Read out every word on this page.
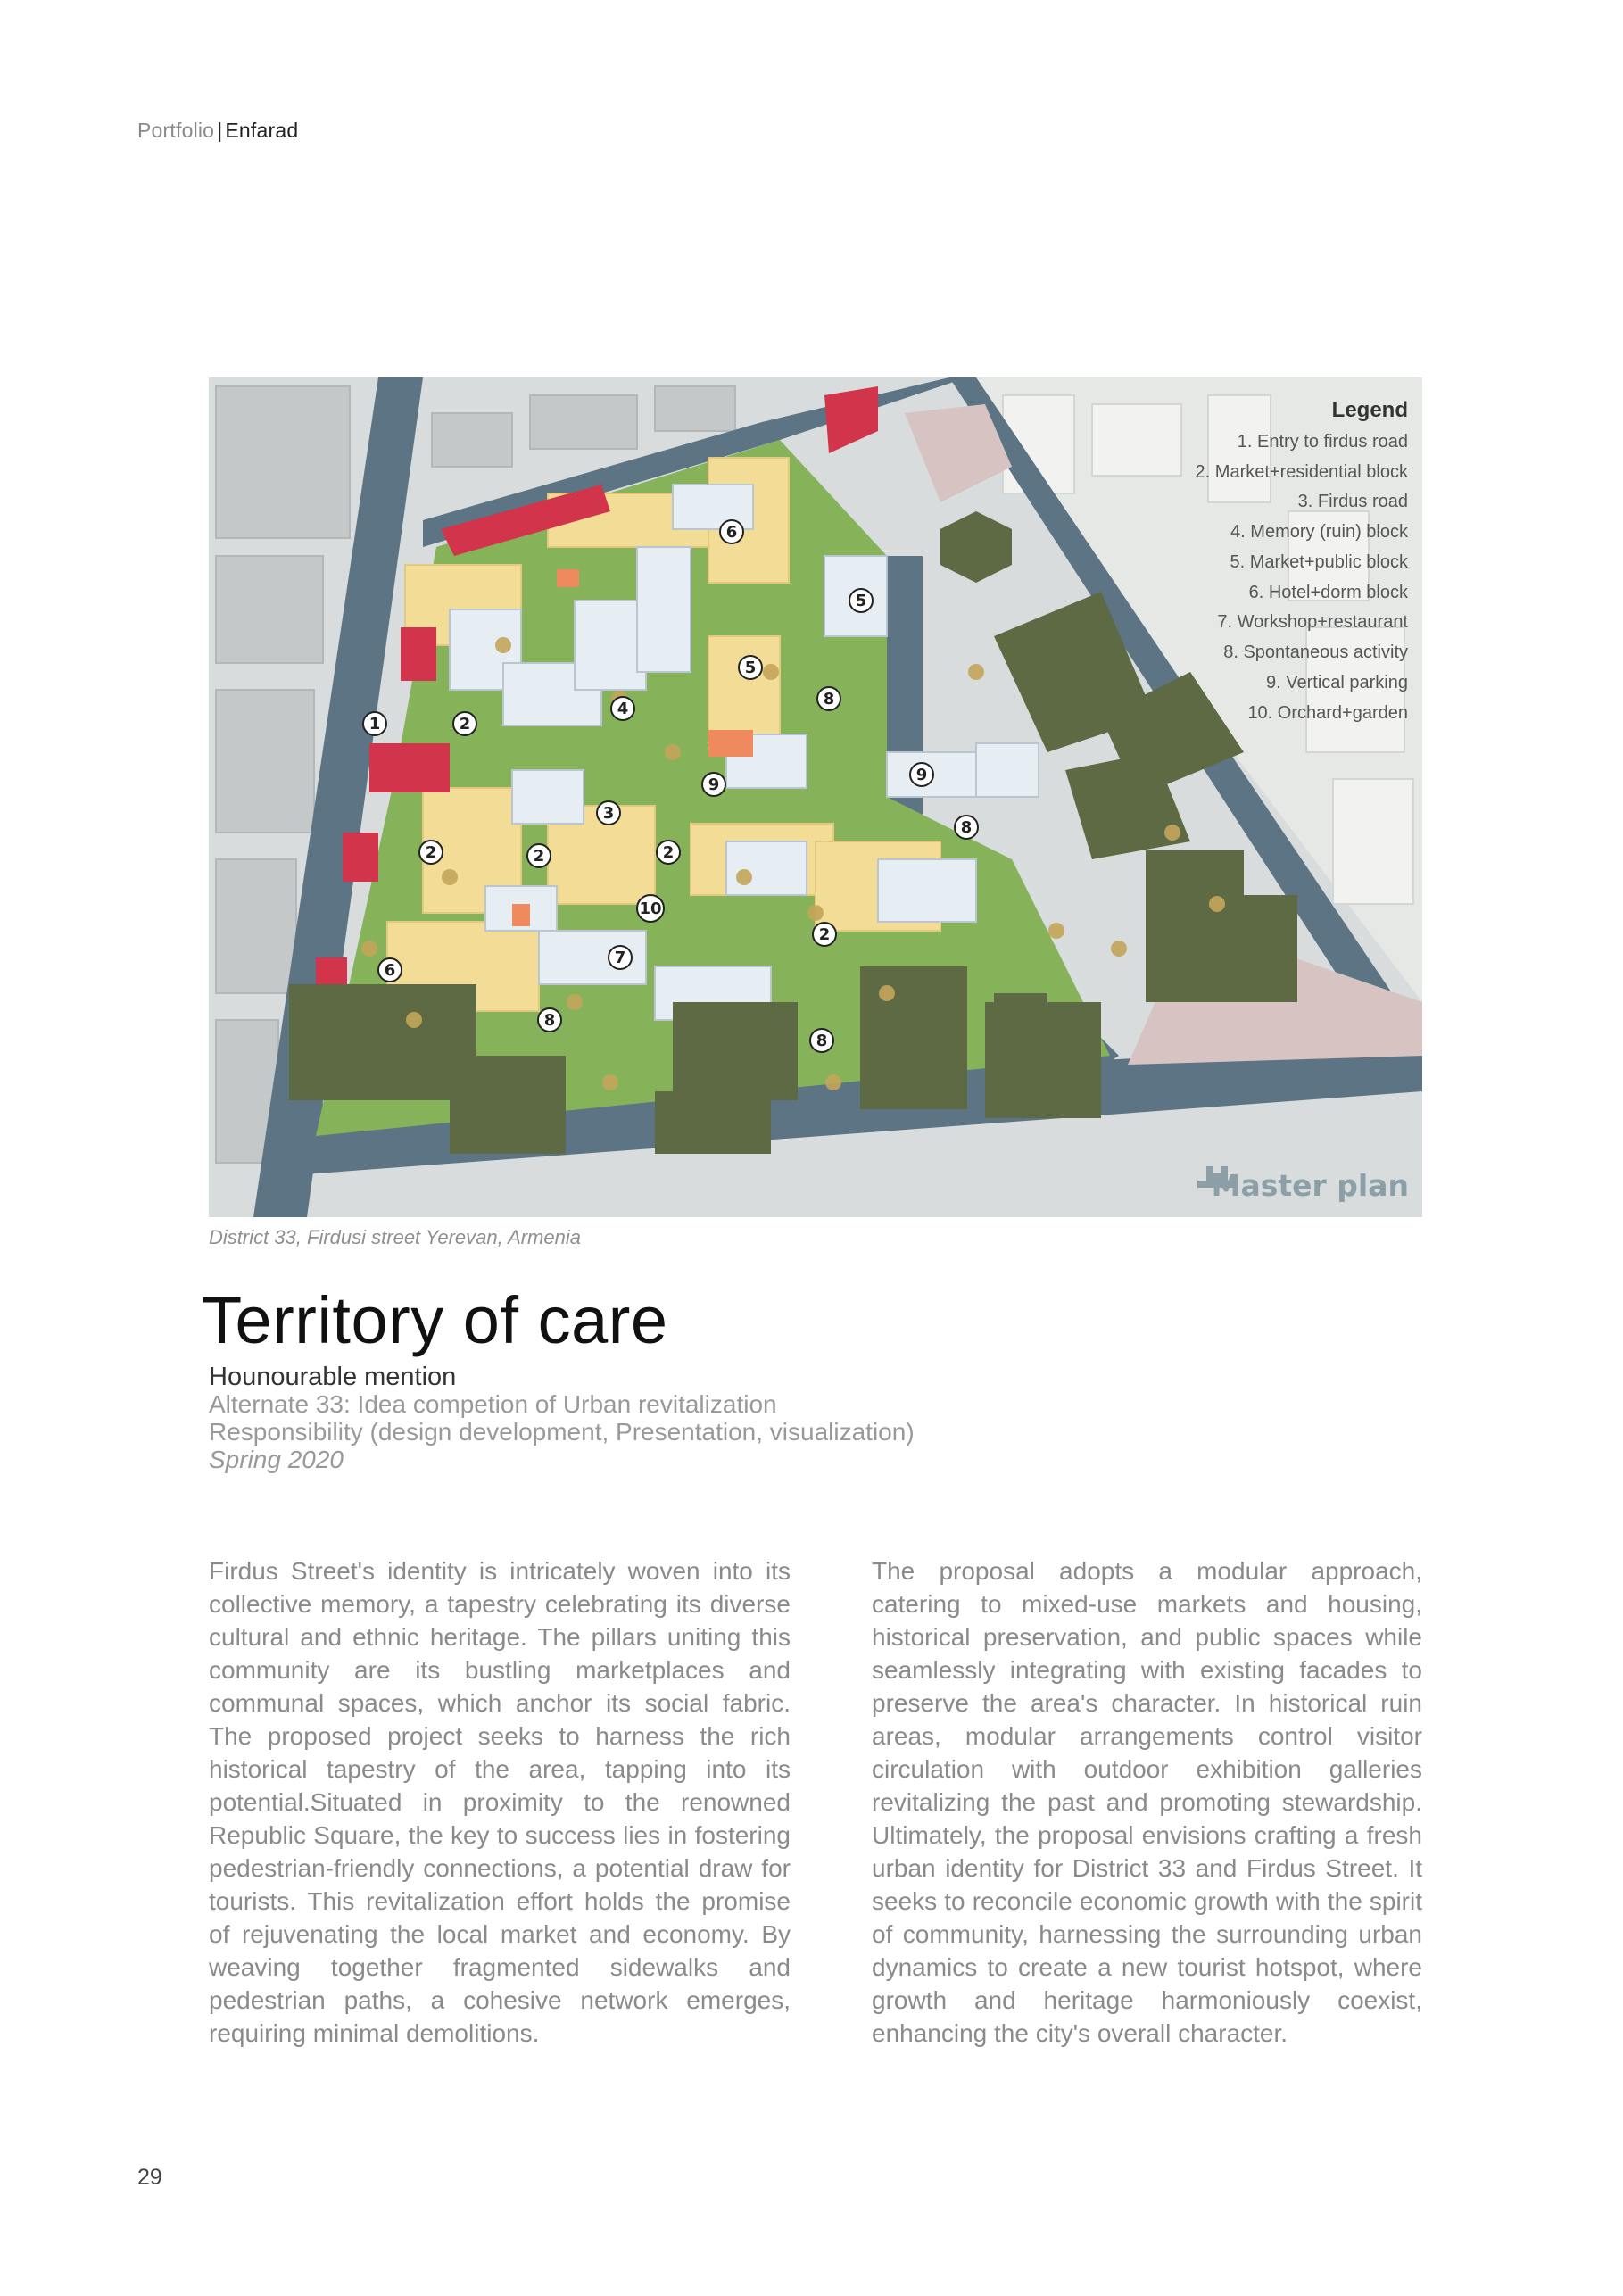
Portfolio | Enfarad
1	2
2	2	2
2
3
4
5
5
6
6
7
8
8
8
8
9
9
10
Legend
1. Entry to firdus road
2. Market+residential block
3. Firdus road
4. Memory (ruin) block
5. Market+public block
6. Hotel+dorm block
7. Workshop+restaurant
8. Spontaneous activity
9. Vertical parking
10. Orchard+garden
Master plan
District 33, Firdusi street Yerevan, Armenia
Territory of care
Hounourable mention
Alternate 33: Idea competion of Urban revitalization
Responsibility (design development, Presentation, visualization)
Spring 2020
Firdus Street's identity is intricately woven into its collective memory, a tapestry celebrating its diverse cultural and ethnic heritage. The pillars uniting this community are its bustling marketplaces and communal spaces, which anchor its social fabric. The proposed project seeks to harness the rich historical tapestry of the area, tapping into its potential.Situated in proximity to the renowned Republic Square, the key to success lies in fostering pedestrian-friendly connections, a potential draw for tourists. This revitalization effort holds the promise of rejuvenating the local market and economy. By weaving together fragmented sidewalks and pedestrian paths, a cohesive network emerges, requiring minimal demolitions.
The proposal adopts a modular approach, catering to mixed-use markets and housing, historical preservation, and public spaces while seamlessly integrating with existing facades to preserve the area's character. In historical ruin areas, modular arrangements control visitor circulation with outdoor exhibition galleries revitalizing the past and promoting stewardship. Ultimately, the proposal envisions crafting a fresh urban identity for District 33 and Firdus Street. It seeks to reconcile economic growth with the spirit of community, harnessing the surrounding urban dynamics to create a new tourist hotspot, where growth and heritage harmoniously coexist, enhancing the city's overall character.
29
